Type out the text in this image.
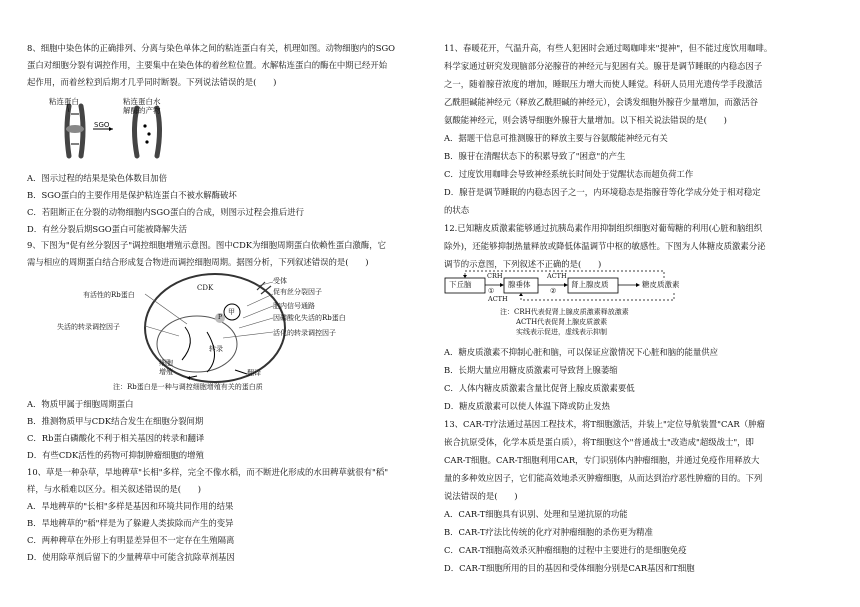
8、细胞中染色体的正确排列、分离与染色单体之间的粘连蛋白有关，机理如图。动物细胞内的SGO

蛋白对细胞分裂有调控作用，主要集中在染色体的着丝粒位置。水解粘连蛋白的酶在中期已经开始

起作用，而着丝粒到后期才几乎同时断裂。下列说法错误的是(　　)

粘连蛋白	粘连蛋白水
解酶的产物
SGO

A．图示过程的结果是染色体数目加倍

B．SGO蛋白的主要作用是保护粘连蛋白不被水解酶破坏

C．若阻断正在分裂的动物细胞内SGO蛋白的合成，则图示过程会推后进行

D．有丝分裂后期SGO蛋白可能被降解失活

9、下图为"促有丝分裂因子"调控细胞增殖示意图。图中CDK为细胞周期蛋白依赖性蛋白激酶，它

需与相应的周期蛋白结合形成复合物进而调控细胞周期。据图分析，下列叙述错误的是(　　)

受体
促有丝分裂因子
胞内信号通路
因磷酸化失活的Rb蛋白
活化的转录调控因子
有活性的Rb蛋白
失活的转录调控因子
CDK
甲
P
转录
翻译
细胞
增殖
注：Rb蛋白是一种与调控细胞增殖有关的蛋白质

A．物质甲属于细胞周期蛋白

B．推测物质甲与CDK结合发生在细胞分裂间期

C．Rb蛋白磷酸化不利于相关基因的转录和翻译

D．有些CDK活性的药物可抑制肿瘤细胞的增殖

10、草是一种杂草，旱地稗草"长相"多样，完全不像水稻，而不断进化形成的水田稗草就很有"稻"

样，与水稻难以区分。相关叙述错误的是(　　)

A．旱地稗草的"长相"多样是基因和环境共同作用的结果

B．旱地稗草的"稻"样是为了躲避人类拔除而产生的变异

C．两种稗草在外形上有明显差异但不一定存在生殖隔离

D．使用除草剂后留下的少量稗草中可能含抗除草剂基因

11、春暖花开，气温升高，有些人犯困时会通过喝咖啡来"提神"，但不能过度饮用咖啡。

科学家通过研究发现脑部分泌腺苷的神经元与犯困有关。腺苷是调节睡眠的内稳态因子

之一，随着腺苷浓度的增加，睡眠压力增大而使人睡觉。科研人员用光遗传学手段激活

乙酰胆碱能神经元（释放乙酰胆碱的神经元），会诱发细胞外腺苷少量增加，而激活谷

氨酸能神经元，则会诱导细胞外腺苷大量增加。以下相关说法错误的是(　　)

A．据题干信息可推测腺苷的释放主要与谷氨酸能神经元有关

B．腺苷在清醒状态下的积累导致了"困意"的产生

C．过度饮用咖啡会导致神经系统长时间处于觉醒状态而超负荷工作

D．腺苷是调节睡眠的内稳态因子之一，内环境稳态是指腺苷等化学成分处于相对稳定

的状态

12.已知糖皮质激素能够通过抗胰岛素作用抑制组织细胞对葡萄糖的利用(心脏和脑组织

除外)，还能够抑制热量释放或降低体温调节中枢的敏感性。下图为人体糖皮质激素分泌

调节的示意图，下列叙述不正确的是(　　)

下丘脑	腺垂体	肾上腺皮质	糖皮质激素
CRH	ACTH
①	②
ACTH
注：CRH代表促肾上腺皮质激素释放激素
ACTH代表促肾上腺皮质激素
实线表示促进，虚线表示抑制

A．糖皮质激素不抑制心脏和脑，可以保证应激情况下心脏和脑的能量供应

B．长期大量应用糖皮质激素可导致肾上腺萎缩

C．人体内糖皮质激素含量比促肾上腺皮质激素要低

D．糖皮质激素可以使人体温下降或防止发热

13、CAR-T疗法通过基因工程技术，将T细胞激活，并装上"定位导航装置"CAR（肿瘤

嵌合抗原受体，化学本质是蛋白质），将T细胞这个"普通战士"改造成"超级战士"，即

CAR-T细胞。CAR-T细胞利用CAR，专门识别体内肿瘤细胞，并通过免疫作用释放大

量的多种效应因子，它们能高效地杀灭肿瘤细胞，从而达到治疗恶性肿瘤的目的。下列

说法错误的是(　　)

A．CAR-T细胞具有识别、处理和呈递抗原的功能

B．CAR-T疗法比传统的化疗对肿瘤细胞的杀伤更为精准

C．CAR-T细胞高效杀灭肿瘤细胞的过程中主要进行的是细胞免疫

D．CAR-T细胞所用的目的基因和受体细胞分别是CAR基因和T细胞
